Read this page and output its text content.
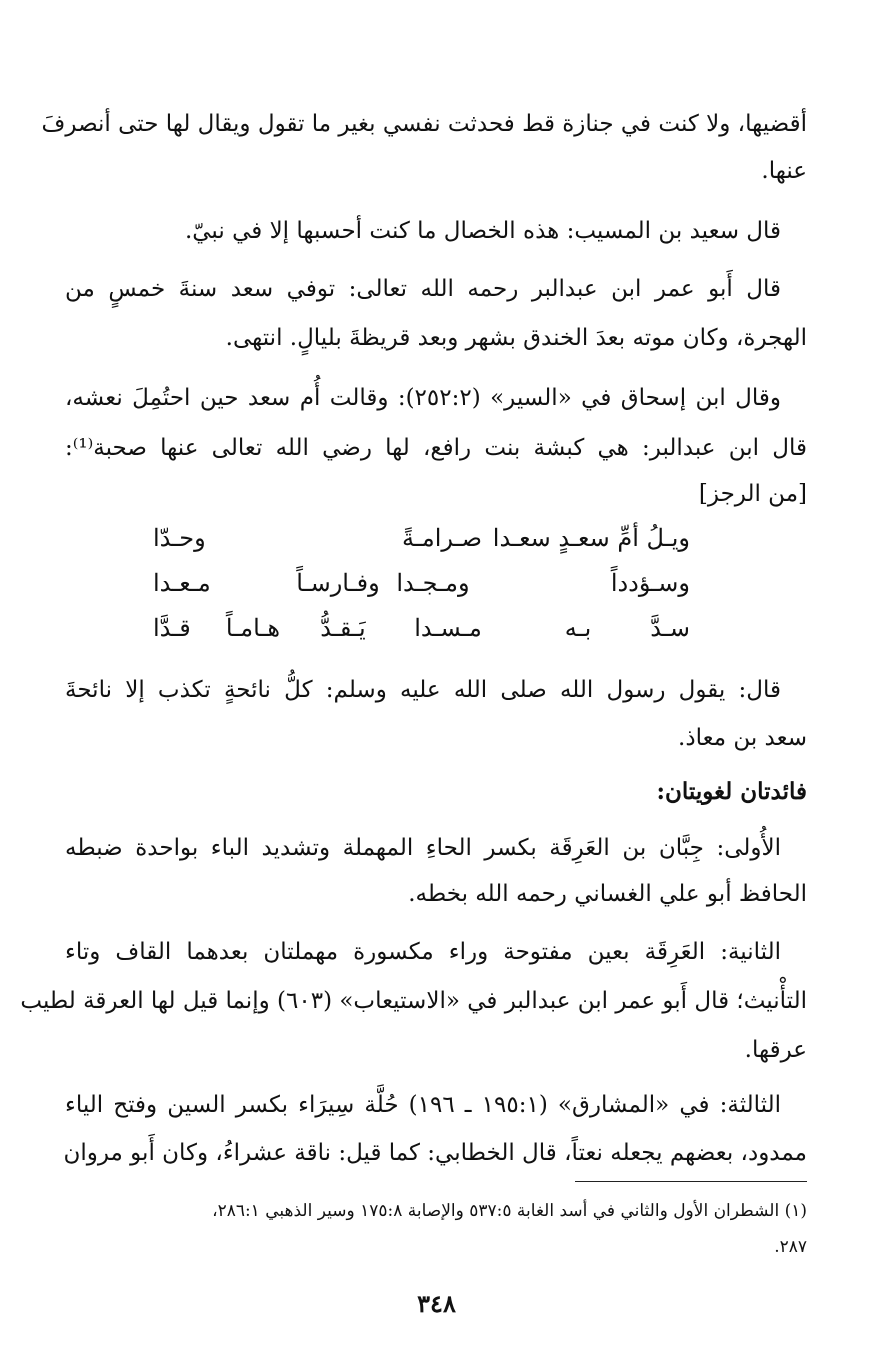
أقضيها، ولا كنت في جنازة قط فحدثت نفسي بغير ما تقول ويقال لها حتى أنصرفَ
عنها.
قال سعيد بن المسيب: هذه الخصال ما كنت أحسبها إلا في نبيّ.
قال أَبو عمر ابن عبدالبر رحمه الله تعالى: توفي سعد سنةَ خمسٍ من
الهجرة، وكان موته بعدَ الخندق بشهر وبعد قريظةَ بليالٍ. انتهى.
وقال ابن إسحاق في «السير» (٢٥٢:٢): وقالت أُم سعد حين احتُمِلَ نعشه،
قال ابن عبدالبر: هي كبشة بنت رافع، لها رضي الله تعالى عنها صحبة⁽¹⁾:
[من الرجز]
ويـلُ أمِّ سعـدٍ سعـدا
صـرامـةً
وحـدّا
وسـؤدداً
ومـجـدا
وفـارسـاً
مـعـدا
سـدَّ
بـه
مـسـدا
يَـقـدُّ
هـامـاً
قـدَّا
قال: يقول رسول الله صلى الله عليه وسلم: كلُّ نائحةٍ تكذب إلا نائحةَ
سعد بن معاذ.
فائدتان لغويتان:
الأُولى: جِبَّان بن العَرِقَة بكسر الحاءِ المهملة وتشديد الباء بواحدة ضبطه
الحافظ أبو علي الغساني رحمه الله بخطه.
الثانية: العَرِقَة بعين مفتوحة وراء مكسورة مهملتان بعدهما القاف وتاء
التأْنيث؛ قال أَبو عمر ابن عبدالبر في «الاستيعاب» (٦٠٣) وإنما قيل لها العرقة لطيب
عرقها.
الثالثة: في «المشارق» (١٩٥:١ ـ ١٩٦) حُلَّة سِيرَاء بكسر السين وفتح الياء
ممدود، بعضهم يجعله نعتاً، قال الخطابي: كما قيل: ناقة عشراءُ، وكان أَبو مروان
(١) الشطران الأول والثاني في أسد الغابة ٥٣٧:٥ والإصابة ١٧٥:٨ وسير الذهبي ٢٨٦:١،
٢٨٧.
٣٤٨
